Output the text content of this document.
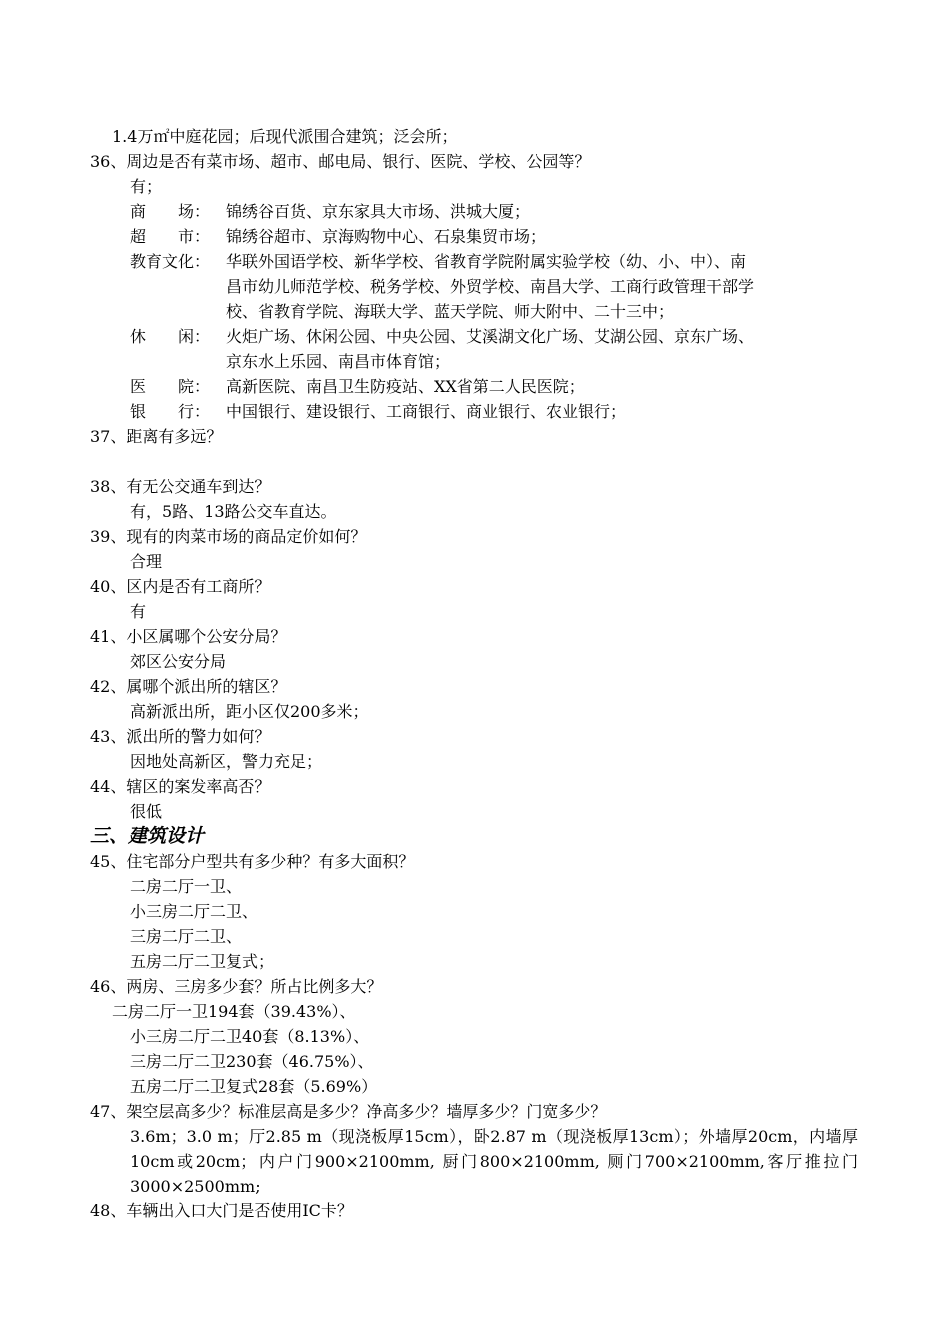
1.4万㎡中庭花园；后现代派围合建筑；泛会所；
36、周边是否有菜市场、超市、邮电局、银行、医院、学校、公园等？
有；
商　　场： 锦绣谷百货、京东家具大市场、洪城大厦；
超　　市： 锦绣谷超市、京海购物中心、石泉集贸市场；
教育文化： 华联外国语学校、新华学校、省教育学院附属实验学校（幼、小、中）、南
昌市幼儿师范学校、税务学校、外贸学校、南昌大学、工商行政管理干部学
校、省教育学院、海联大学、蓝天学院、师大附中、二十三中；
休　　闲： 火炬广场、休闲公园、中央公园、艾溪湖文化广场、艾湖公园、京东广场、
京东水上乐园、南昌市体育馆；
医　　院： 高新医院、南昌卫生防疫站、XX省第二人民医院；
银　　行： 中国银行、建设银行、工商银行、商业银行、农业银行；
37、距离有多远？
38、有无公交通车到达？
有，5路、13路公交车直达。
39、现有的肉菜市场的商品定价如何？
合理
40、区内是否有工商所？
有
41、小区属哪个公安分局？
郊区公安分局
42、属哪个派出所的辖区？
高新派出所，距小区仅200多米；
43、派出所的警力如何？
因地处高新区，警力充足；
44、辖区的案发率高否？
很低
三、建筑设计
45、住宅部分户型共有多少种？有多大面积？
二房二厅一卫、
小三房二厅二卫、
三房二厅二卫、
五房二厅二卫复式；
46、两房、三房多少套？所占比例多大？
二房二厅一卫194套（39.43%）、
小三房二厅二卫40套（8.13%）、
三房二厅二卫230套（46.75%）、
五房二厅二卫复式28套（5.69%）
47、架空层高多少？标准层高是多少？净高多少？墙厚多少？门宽多少？
3.6m；3.0 m；厅2.85 m（现浇板厚15cm），卧2.87 m（现浇板厚13cm）；外墙厚20cm，内墙厚10cm或20cm；内户门900×2100mm, 厨门800×2100mm, 厕门700×2100mm,客厅推拉门3000×2500mm;
48、车辆出入口大门是否使用IC卡？
